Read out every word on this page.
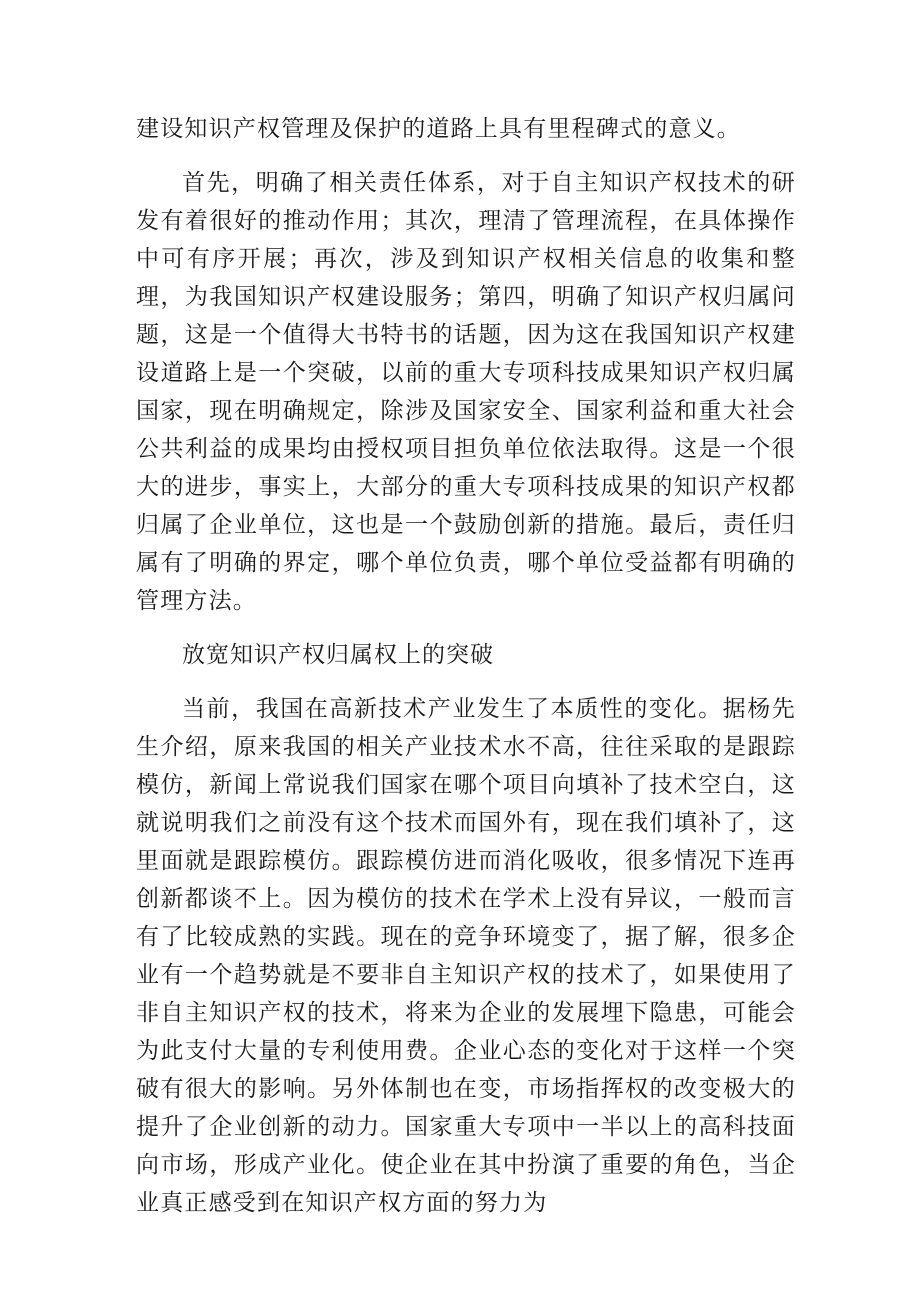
建设知识产权管理及保护的道路上具有里程碑式的意义。

首先，明确了相关责任体系，对于自主知识产权技术的研发有着很好的推动作用；其次，理清了管理流程，在具体操作中可有序开展；再次，涉及到知识产权相关信息的收集和整理，为我国知识产权建设服务；第四，明确了知识产权归属问题，这是一个值得大书特书的话题，因为这在我国知识产权建设道路上是一个突破，以前的重大专项科技成果知识产权归属国家，现在明确规定，除涉及国家安全、国家利益和重大社会公共利益的成果均由授权项目担负单位依法取得。这是一个很大的进步，事实上，大部分的重大专项科技成果的知识产权都归属了企业单位，这也是一个鼓励创新的措施。最后，责任归属有了明确的界定，哪个单位负责，哪个单位受益都有明确的管理方法。

放宽知识产权归属权上的突破

当前，我国在高新技术产业发生了本质性的变化。据杨先生介绍，原来我国的相关产业技术水不高，往往采取的是跟踪模仿，新闻上常说我们国家在哪个项目向填补了技术空白，这就说明我们之前没有这个技术而国外有，现在我们填补了，这里面就是跟踪模仿。跟踪模仿进而消化吸收，很多情况下连再创新都谈不上。因为模仿的技术在学术上没有异议，一般而言有了比较成熟的实践。现在的竞争环境变了，据了解，很多企业有一个趋势就是不要非自主知识产权的技术了，如果使用了非自主知识产权的技术，将来为企业的发展埋下隐患，可能会为此支付大量的专利使用费。企业心态的变化对于这样一个突破有很大的影响。另外体制也在变，市场指挥权的改变极大的提升了企业创新的动力。国家重大专项中一半以上的高科技面向市场，形成产业化。使企业在其中扮演了重要的角色，当企业真正感受到在知识产权方面的努力为
